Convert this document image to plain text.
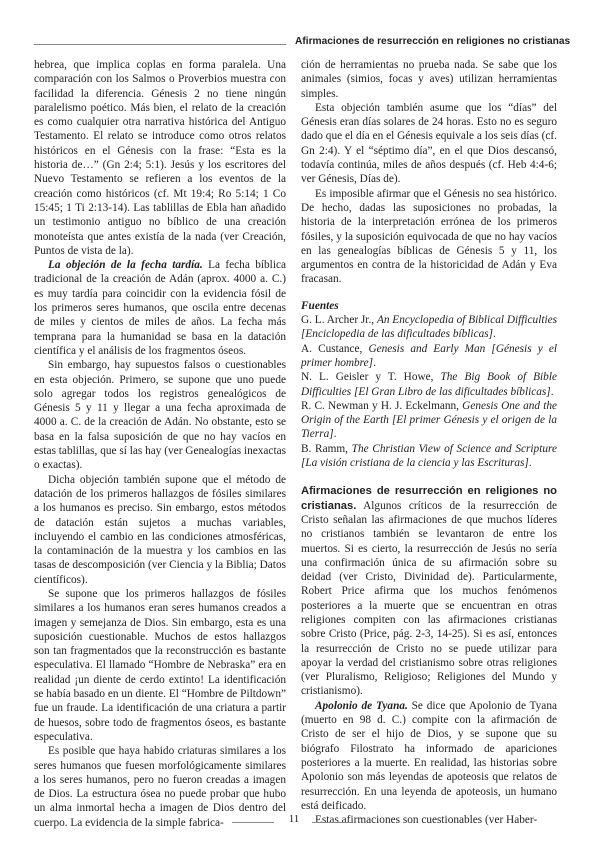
Afirmaciones de resurrección en religiones no cristianas

hebrea, que implica coplas en forma paralela. Una comparación con los Salmos o Proverbios muestra con facilidad la diferencia. Génesis 2 no tiene ningún paralelismo poético. Más bien, el relato de la creación es como cualquier otra narrativa histórica del Antiguo Testamento. El relato se introduce como otros relatos históricos en el Génesis con la frase: “Esta es la historia de…” (Gn 2:4; 5:1). Jesús y los escritores del Nuevo Testamento se refieren a los eventos de la creación como históricos (cf. Mt 19:4; Ro 5:14; 1 Co 15:45; 1 Ti 2:13-14). Las tablillas de Ebla han añadido un testimonio antiguo no bíblico de una creación monoteísta que antes existía de la nada (ver Creación, Puntos de vista de la).

La objeción de la fecha tardía. La fecha bíblica tradicional de la creación de Adán (aprox. 4000 a. C.) es muy tardía para coincidir con la evidencia fósil de los primeros seres humanos, que oscila entre decenas de miles y cientos de miles de años. La fecha más temprana para la humanidad se basa en la datación científica y el análisis de los fragmentos óseos.

Sin embargo, hay supuestos falsos o cuestionables en esta objeción. Primero, se supone que uno puede solo agregar todos los registros genealógicos de Génesis 5 y 11 y llegar a una fecha aproximada de 4000 a. C. de la creación de Adán. No obstante, esto se basa en la falsa suposición de que no hay vacíos en estas tablillas, que sí las hay (ver Genealogías inexactas o exactas).

Dicha objeción también supone que el método de datación de los primeros hallazgos de fósiles similares a los humanos es preciso. Sin embargo, estos métodos de datación están sujetos a muchas variables, incluyendo el cambio en las condiciones atmosféricas, la contaminación de la muestra y los cambios en las tasas de descomposición (ver Ciencia y la Biblia; Datos científicos).

Se supone que los primeros hallazgos de fósiles similares a los humanos eran seres humanos creados a imagen y semejanza de Dios. Sin embargo, esta es una suposición cuestionable. Muchos de estos hallazgos son tan fragmentados que la reconstrucción es bastante especulativa. El llamado “Hombre de Nebraska” era en realidad ¡un diente de cerdo extinto! La identificación se había basado en un diente. El “Hombre de Piltdown” fue un fraude. La identificación de una criatura a partir de huesos, sobre todo de fragmentos óseos, es bastante especulativa.

Es posible que haya habido criaturas similares a los seres humanos que fuesen morfológicamente similares a los seres humanos, pero no fueron creadas a imagen de Dios. La estructura ósea no puede probar que hubo un alma inmortal hecha a imagen de Dios dentro del cuerpo. La evidencia de la simple fabrica-

ción de herramientas no prueba nada. Se sabe que los animales (simios, focas y aves) utilizan herramientas simples.

Esta objeción también asume que los “días” del Génesis eran días solares de 24 horas. Esto no es seguro dado que el día en el Génesis equivale a los seis días (cf. Gn 2:4). Y el “séptimo día”, en el que Dios descansó, todavía continúa, miles de años después (cf. Heb 4:4-6; ver Génesis, Días de).

Es imposible afirmar que el Génesis no sea histórico. De hecho, dadas las suposiciones no probadas, la historia de la interpretación errónea de los primeros fósiles, y la suposición equivocada de que no hay vacíos en las genealogías bíblicas de Génesis 5 y 11, los argumentos en contra de la historicidad de Adán y Eva fracasan.

Fuentes

G. L. Archer Jr., An Encyclopedia of Biblical Difficulties [Enciclopedia de las dificultades bíblicas].

A. Custance, Genesis and Early Man [Génesis y el primer hombre].

N. L. Geisler y T. Howe, The Big Book of Bible Difficulties [El Gran Libro de las dificultades bíblicas].

R. C. Newman y H. J. Eckelmann, Genesis One and the Origin of the Earth [El primer Génesis y el origen de la Tierra].

B. Ramm, The Christian View of Science and Scripture [La visión cristiana de la ciencia y las Escrituras].

Afirmaciones de resurrección en religiones no cristianas. Algunos críticos de la resurrección de Cristo señalan las afirmaciones de que muchos líderes no cristianos también se levantaron de entre los muertos. Si es cierto, la resurrección de Jesús no sería una confirmación única de su afirmación sobre su deidad (ver Cristo, Divinidad de). Particularmente, Robert Price afirma que los muchos fenómenos posteriores a la muerte que se encuentran en otras religiones compiten con las afirmaciones cristianas sobre Cristo (Price, pág. 2-3, 14-25). Si es así, entonces la resurrección de Cristo no se puede utilizar para apoyar la verdad del cristianismo sobre otras religiones (ver Pluralismo, Religioso; Religiones del Mundo y cristianismo).

Apolonio de Tyana. Se dice que Apolonio de Tyana (muerto en 98 d. C.) compite con la afirmación de Cristo de ser el hijo de Dios, y se supone que su biógrafo Filostrato ha informado de apariciones posteriores a la muerte. En realidad, las historias sobre Apolonio son más leyendas de apoteosis que relatos de resurrección. En una leyenda de apoteosis, un humano está deificado.

Estas afirmaciones son cuestionables (ver Haber-

11
